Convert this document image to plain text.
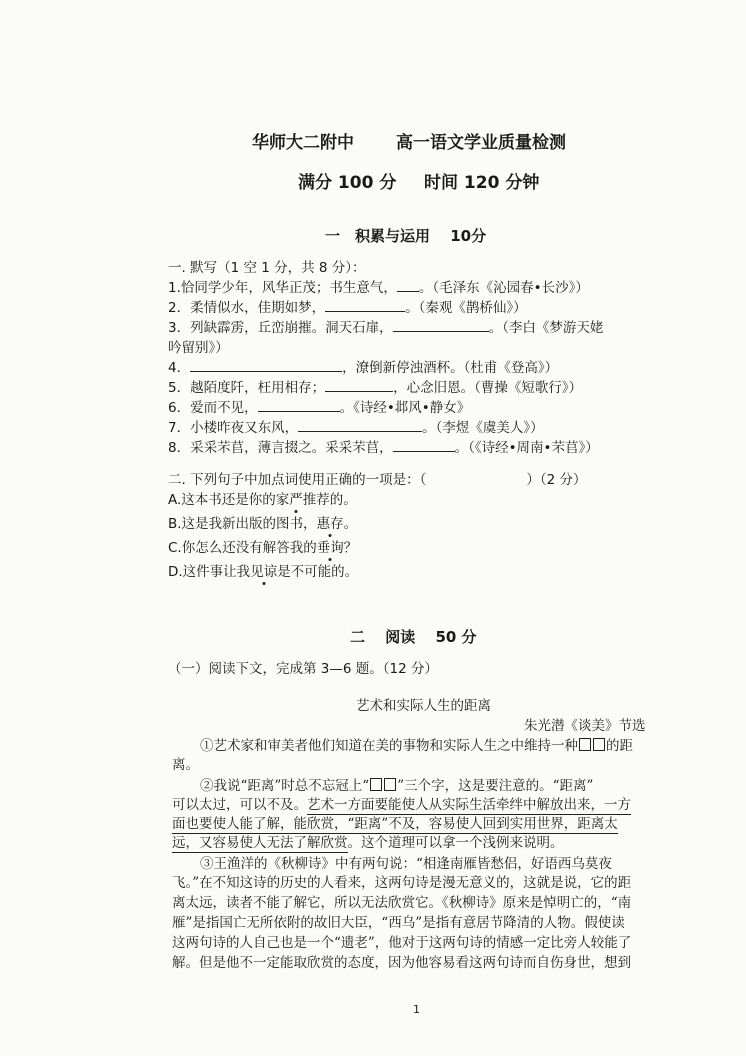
华师大二附中 高一语文学业质量检测
满分 100 分 时间 120 分钟
一　积累与运用　 10分
一. 默写（1 空 1 分，共 8 分）：
1.恰同学少年，风华正茂；书生意气， 。（毛泽东《沁园春•长沙》）
2．柔情似水，佳期如梦，	。（秦观《鹊桥仙》）
3．列缺霹雳，丘峦崩摧。洞天石扉，	。（李白《梦游天姥
吟留别》）
4．	，潦倒新停浊酒杯。（杜甫《登高》）
5．越陌度阡，枉用相存；	，心念旧恩。（曹操《短歌行》）
6．爱而不见，	。《诗经•邶风•静女》
7．小楼昨夜又东风，	。（李煜《虞美人》）
8．采采芣苢，薄言掇之。采采芣苢，	。（《诗经•周南•芣苢》）
二. 下列句子中加点词使用正确的一项是：（	）（2 分）
A.这本书还是你的家严推荐的。
B.这是我新出版的图书，惠存。
C.你怎么还没有解答我的垂询？
D.这件事让我见谅是不可能的。
二　 阅读　 50 分
（一）阅读下文，完成第 3—6 题。（12 分）
艺术和实际人生的距离
朱光潜《谈美》节选
①艺术家和审美者他们知道在美的事物和实际人生之中维持一种 的距
离。
②我说“距离”时总不忘冠上“ ”三个字，这是要注意的。“距离”
可以太过，可以不及。艺术一方面要能使人从实际生活牵绊中解放出来，一方
面也要使人能了解，能欣赏，“距离”不及，容易使人回到实用世界，距离太
远，又容易使人无法了解欣赏。这个道理可以拿一个浅例来说明。
③王渔洋的《秋柳诗》中有两句说：“相逢南雁皆愁侣，好语西乌莫夜
飞。”在不知这诗的历史的人看来，这两句诗是漫无意义的，这就是说，它的距
离太远，读者不能了解它，所以无法欣赏它。《秋柳诗》原来是悼明亡的，“南
雁”是指国亡无所依附的故旧大臣，“西乌”是指有意居节降清的人物。假使读
这两句诗的人自己也是一个“遗老”，他对于这两句诗的情感一定比旁人较能了
解。但是他不一定能取欣赏的态度，因为他容易看这两句诗而自伤身世，想到
1
